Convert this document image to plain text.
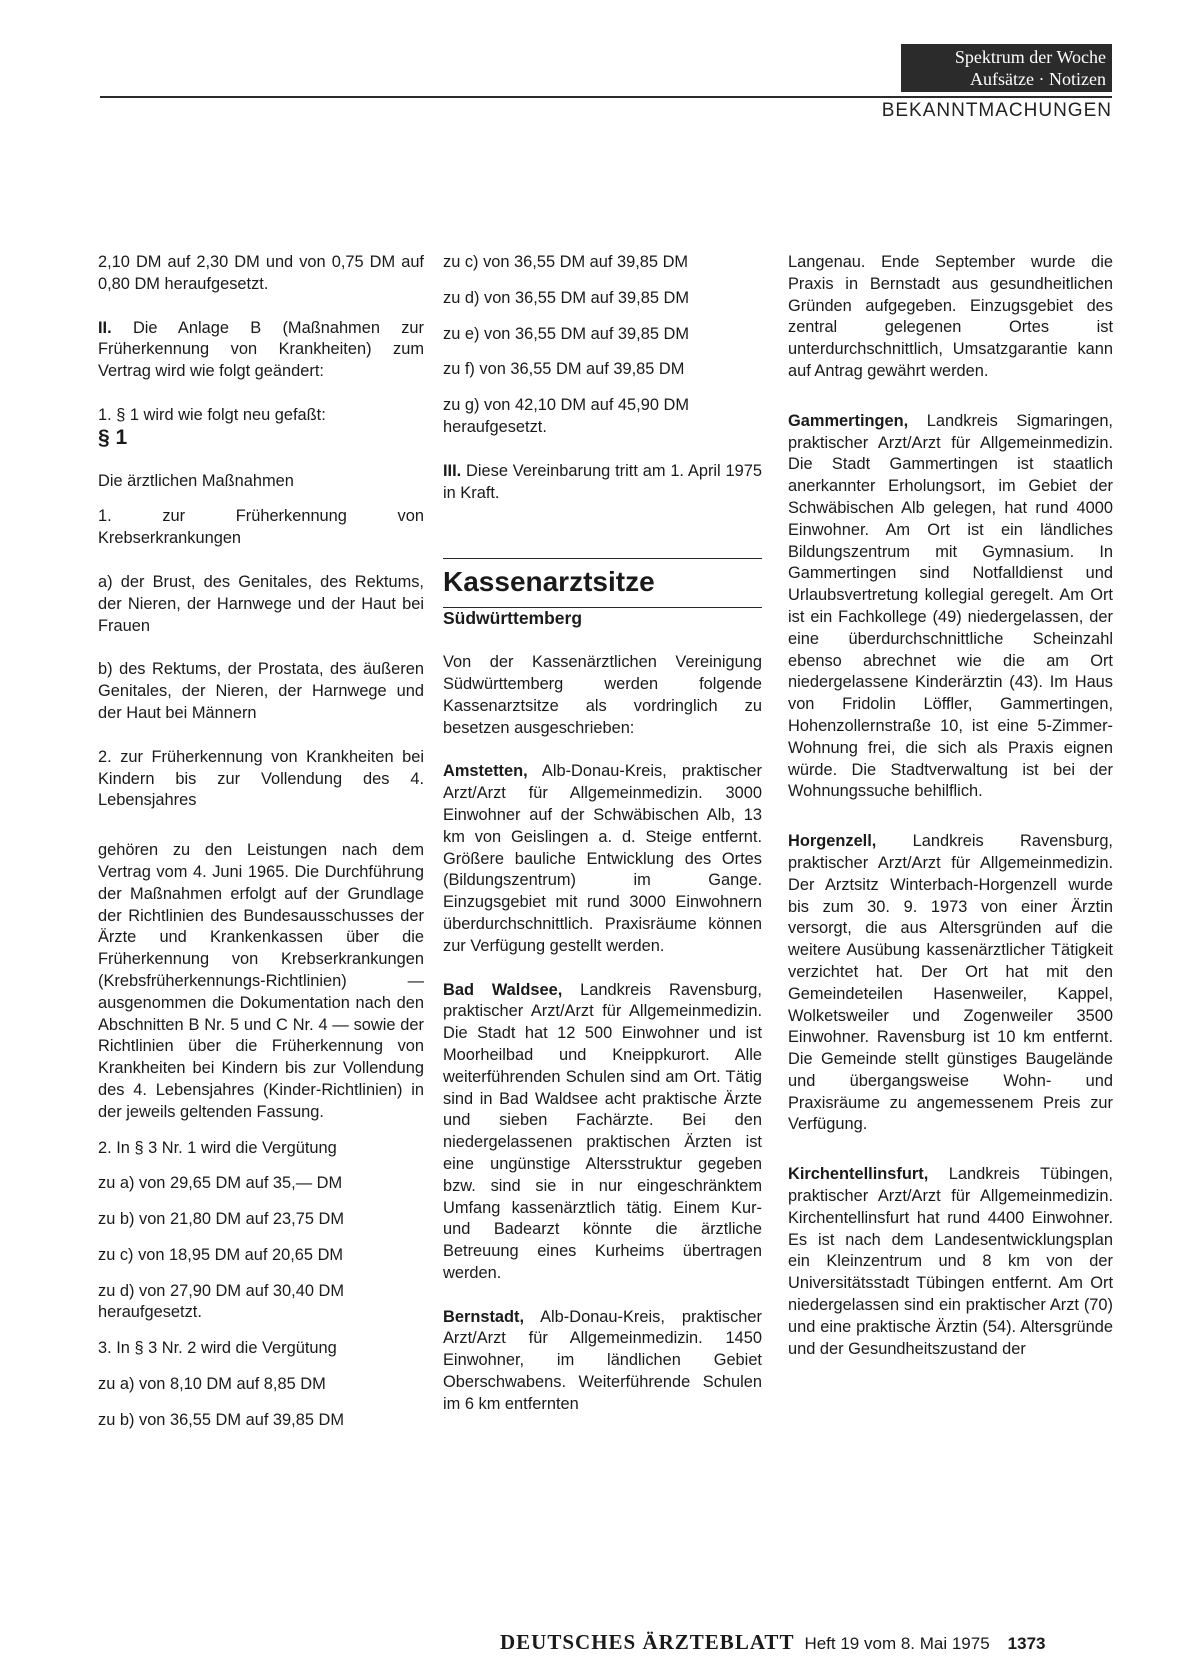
Spektrum der Woche
Aufsätze · Notizen
BEKANNTMACHUNGEN

2,10 DM auf 2,30 DM und von 0,75 DM auf 0,80 DM heraufgesetzt.

II. Die Anlage B (Maßnahmen zur Früherkennung von Krankheiten) zum Vertrag wird wie folgt geändert:

1. § 1 wird wie folgt neu gefaßt:

§ 1

Die ärztlichen Maßnahmen

1. zur Früherkennung von Krebserkrankungen

a) der Brust, des Genitales, des Rektums, der Nieren, der Harnwege und der Haut bei Frauen

b) des Rektums, der Prostata, des äußeren Genitales, der Nieren, der Harnwege und der Haut bei Männern

2. zur Früherkennung von Krankheiten bei Kindern bis zur Vollendung des 4. Lebensjahres

gehören zu den Leistungen nach dem Vertrag vom 4. Juni 1965. Die Durchführung der Maßnahmen erfolgt auf der Grundlage der Richtlinien des Bundesausschusses der Ärzte und Krankenkassen über die Früherkennung von Krebserkrankungen (Krebsfrüherkennungs-Richtlinien) — ausgenommen die Dokumentation nach den Abschnitten B Nr. 5 und C Nr. 4 — sowie der Richtlinien über die Früherkennung von Krankheiten bei Kindern bis zur Vollendung des 4. Lebensjahres (Kinder-Richtlinien) in der jeweils geltenden Fassung.

2. In § 3 Nr. 1 wird die Vergütung

zu a) von 29,65 DM auf 35,— DM

zu b) von 21,80 DM auf 23,75 DM

zu c) von 18,95 DM auf 20,65 DM

zu d) von 27,90 DM auf 30,40 DM

heraufgesetzt.

3. In § 3 Nr. 2 wird die Vergütung

zu a) von 8,10 DM auf 8,85 DM

zu b) von 36,55 DM auf 39,85 DM

zu c) von 36,55 DM auf 39,85 DM

zu d) von 36,55 DM auf 39,85 DM

zu e) von 36,55 DM auf 39,85 DM

zu f) von 36,55 DM auf 39,85 DM

zu g) von 42,10 DM auf 45,90 DM

heraufgesetzt.

III. Diese Vereinbarung tritt am 1. April 1975 in Kraft.

Kassenarztsitze

Südwürttemberg

Von der Kassenärztlichen Vereinigung Südwürttemberg werden folgende Kassenarztsitze als vordringlich zu besetzen ausgeschrieben:

Amstetten, Alb-Donau-Kreis, praktischer Arzt/Arzt für Allgemeinmedizin. 3000 Einwohner auf der Schwäbischen Alb, 13 km von Geislingen a. d. Steige entfernt. Größere bauliche Entwicklung des Ortes (Bildungszentrum) im Gange. Einzugsgebiet mit rund 3000 Einwohnern überdurchschnittlich. Praxisräume können zur Verfügung gestellt werden.

Bad Waldsee, Landkreis Ravensburg, praktischer Arzt/Arzt für Allgemeinmedizin. Die Stadt hat 12 500 Einwohner und ist Moorheilbad und Kneippkurort. Alle weiterführenden Schulen sind am Ort. Tätig sind in Bad Waldsee acht praktische Ärzte und sieben Fachärzte. Bei den niedergelassenen praktischen Ärzten ist eine ungünstige Altersstruktur gegeben bzw. sind sie in nur eingeschränktem Umfang kassenärztlich tätig. Einem Kur- und Badearzt könnte die ärztliche Betreuung eines Kurheims übertragen werden.

Bernstadt, Alb-Donau-Kreis, praktischer Arzt/Arzt für Allgemeinmedizin. 1450 Einwohner, im ländlichen Gebiet Oberschwabens. Weiterführende Schulen im 6 km entfernten

Langenau. Ende September wurde die Praxis in Bernstadt aus gesundheitlichen Gründen aufgegeben. Einzugsgebiet des zentral gelegenen Ortes ist unterdurchschnittlich, Umsatzgarantie kann auf Antrag gewährt werden.

Gammertingen, Landkreis Sigmaringen, praktischer Arzt/Arzt für Allgemeinmedizin. Die Stadt Gammertingen ist staatlich anerkannter Erholungsort, im Gebiet der Schwäbischen Alb gelegen, hat rund 4000 Einwohner. Am Ort ist ein ländliches Bildungszentrum mit Gymnasium. In Gammertingen sind Notfalldienst und Urlaubsvertretung kollegial geregelt. Am Ort ist ein Fachkollege (49) niedergelassen, der eine überdurchschnittliche Scheinzahl ebenso abrechnet wie die am Ort niedergelassene Kinderärztin (43). Im Haus von Fridolin Löffler, Gammertingen, Hohenzollernstraße 10, ist eine 5-Zimmer-Wohnung frei, die sich als Praxis eignen würde. Die Stadtverwaltung ist bei der Wohnungssuche behilflich.

Horgenzell, Landkreis Ravensburg, praktischer Arzt/Arzt für Allgemeinmedizin. Der Arztsitz Winterbach-Horgenzell wurde bis zum 30. 9. 1973 von einer Ärztin versorgt, die aus Altersgründen auf die weitere Ausübung kassenärztlicher Tätigkeit verzichtet hat. Der Ort hat mit den Gemeindeteilen Hasenweiler, Kappel, Wolketsweiler und Zogenweiler 3500 Einwohner. Ravensburg ist 10 km entfernt. Die Gemeinde stellt günstiges Baugelände und übergangsweise Wohn- und Praxisräume zu angemessenem Preis zur Verfügung.

Kirchentellinsfurt, Landkreis Tübingen, praktischer Arzt/Arzt für Allgemeinmedizin. Kirchentellinsfurt hat rund 4400 Einwohner. Es ist nach dem Landesentwicklungsplan ein Kleinzentrum und 8 km von der Universitätsstadt Tübingen entfernt. Am Ort niedergelassen sind ein praktischer Arzt (70) und eine praktische Ärztin (54). Altersgründe und der Gesundheitszustand der

DEUTSCHES ÄRZTEBLATT Heft 19 vom 8. Mai 1975 1373
